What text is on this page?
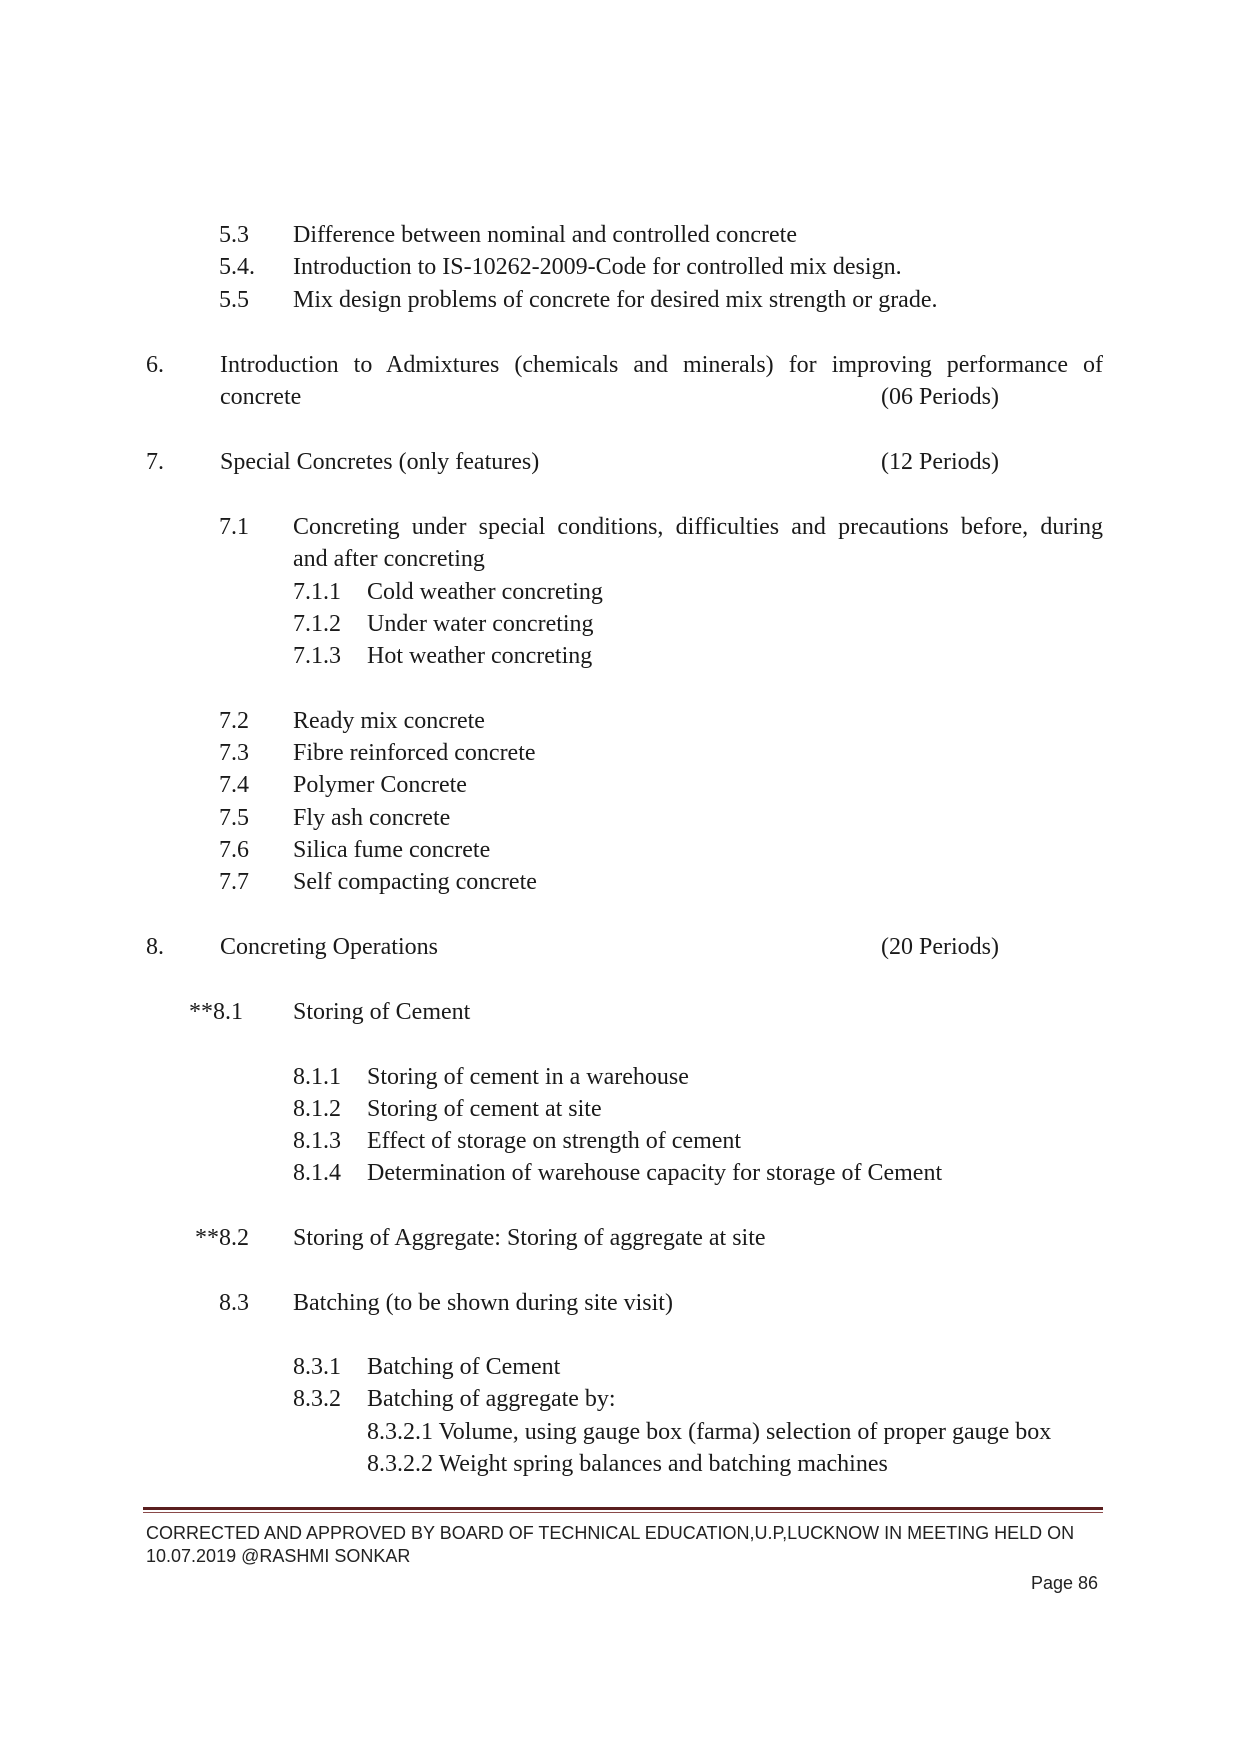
5.3 Difference between nominal and controlled concrete
5.4. Introduction to IS-10262-2009-Code for controlled mix design.
5.5 Mix design problems of concrete for desired mix strength or grade.
6. Introduction to Admixtures (chemicals and minerals) for improving performance of
concrete	(06 Periods)
7. Special Concretes (only features)	(12 Periods)
7.1 Concreting under special conditions, difficulties and precautions before, during
and after concreting
7.1.1 Cold weather concreting
7.1.2 Under water concreting
7.1.3 Hot weather concreting
7.2 Ready mix concrete
7.3 Fibre reinforced concrete
7.4 Polymer Concrete
7.5 Fly ash concrete
7.6 Silica fume concrete
7.7 Self compacting concrete
8. Concreting Operations	(20 Periods)
**8.1 Storing of Cement
8.1.1 Storing of cement in a warehouse
8.1.2 Storing of cement at site
8.1.3 Effect of storage on strength of cement
8.1.4 Determination of warehouse capacity for storage of Cement
**8.2 Storing of Aggregate: Storing of aggregate at site
8.3 Batching (to be shown during site visit)
8.3.1 Batching of Cement
8.3.2 Batching of aggregate by:
8.3.2.1 Volume, using gauge box (farma) selection of proper gauge box
8.3.2.2 Weight spring balances and batching machines
CORRECTED AND APPROVED BY BOARD OF TECHNICAL EDUCATION,U.P,LUCKNOW IN MEETING HELD ON
10.07.2019 @RASHMI SONKAR
Page 86
